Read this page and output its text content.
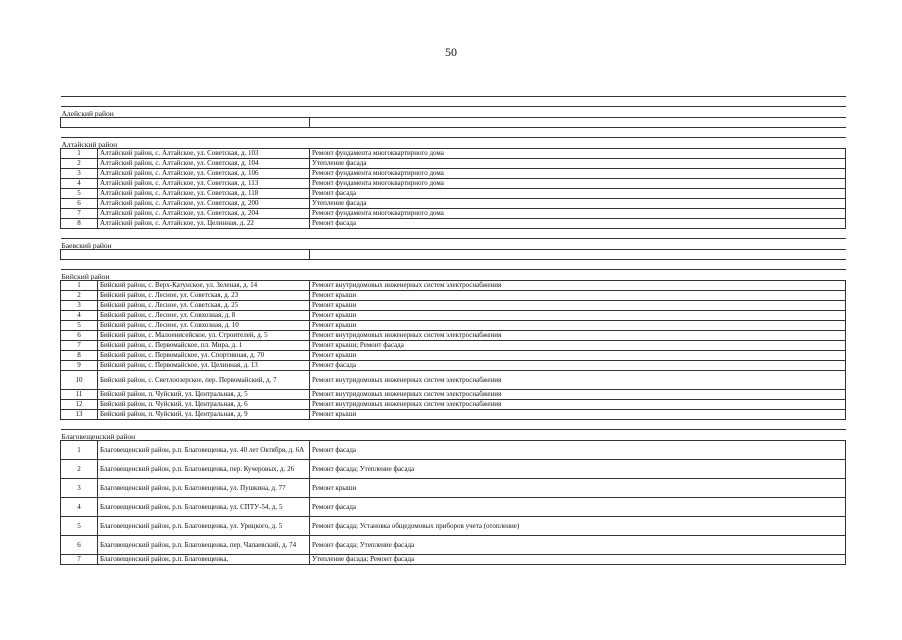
50

Алейский район		

Алтайский район		
1	Алтайский район, с. Алтайское, ул. Советская, д. 103	Ремонт фундамента многоквартирного дома
2	Алтайский район, с. Алтайское, ул. Советская, д. 104	Утепление фасада
3	Алтайский район, с. Алтайское, ул. Советская, д. 106	Ремонт фундамента многоквартирного дома
4	Алтайский район, с. Алтайское, ул. Советская, д. 113	Ремонт фундамента многоквартирного дома
5	Алтайский район, с. Алтайское, ул. Советская, д. 118	Ремонт фасада
6	Алтайский район, с. Алтайское, ул. Советская, д. 200	Утепление фасада
7	Алтайский район, с. Алтайское, ул. Советская, д. 204	Ремонт фундамента многоквартирного дома
8	Алтайский район, с. Алтайское, ул. Целинная, д. 22	Ремонт фасада

Баевский район		

Бийский район		
1	Бийский район, с. Верх-Катунское, ул. Зеленая, д. 14	Ремонт внутридомовых инженерных систем электроснабжения
2	Бийский район, с. Лесное, ул. Советская, д. 23	Ремонт крыши
3	Бийский район, с. Лесное, ул. Советская, д. 25	Ремонт крыши
4	Бийский район, с. Лесное, ул. Совхозная, д. 8	Ремонт крыши
5	Бийский район, с. Лесное, ул. Совхозная, д. 10	Ремонт крыши
6	Бийский район, с. Малоенисейское, ул. Строителей, д. 5	Ремонт внутридомовых инженерных систем электроснабжения
7	Бийский район, с. Первомайское, пл. Мира, д. 1	Ремонт крыши; Ремонт фасада
8	Бийский район, с. Первомайское, ул. Спортивная, д. 70	Ремонт крыши
9	Бийский район, с. Первомайское, ул. Целинная, д. 13	Ремонт фасада
10	Бийский район, с. Светлоозерское, пер. Первомайский, д. 7	Ремонт внутридомовых инженерных систем электроснабжения
11	Бийский район, п. Чуйский, ул. Центральная, д. 5	Ремонт внутридомовых инженерных систем электроснабжения
12	Бийский район, п. Чуйский, ул. Центральная, д. 6	Ремонт внутридомовых инженерных систем электроснабжения
13	Бийский район, п. Чуйский, ул. Центральная, д. 9	Ремонт крыши

Благовещенский район		
1	Благовещенский район, р.п. Благовещенка, ул. 40 лет Октября, д. 6А	Ремонт фасада
2	Благовещенский район, р.п. Благовещенка, пер. Кучеровых, д. 26	Ремонт фасада; Утепление фасада
3	Благовещенский район, р.п. Благовещенка, ул. Пушкина, д. 77	Ремонт крыши
4	Благовещенский район, р.п. Благовещенка, ул. СПТУ-54, д. 5	Ремонт фасада
5	Благовещенский район, р.п. Благовещенка, ул. Урицкого, д. 5	Ремонт фасада; Установка общедомовых приборов учета (отопление)
6	Благовещенский район, р.п. Благовещенка, пер. Чапаевский, д. 74	Ремонт фасада; Утепление фасада
7	Благовещенский район, р.п. Благовещенка,	Утепление фасада; Ремонт фасада
